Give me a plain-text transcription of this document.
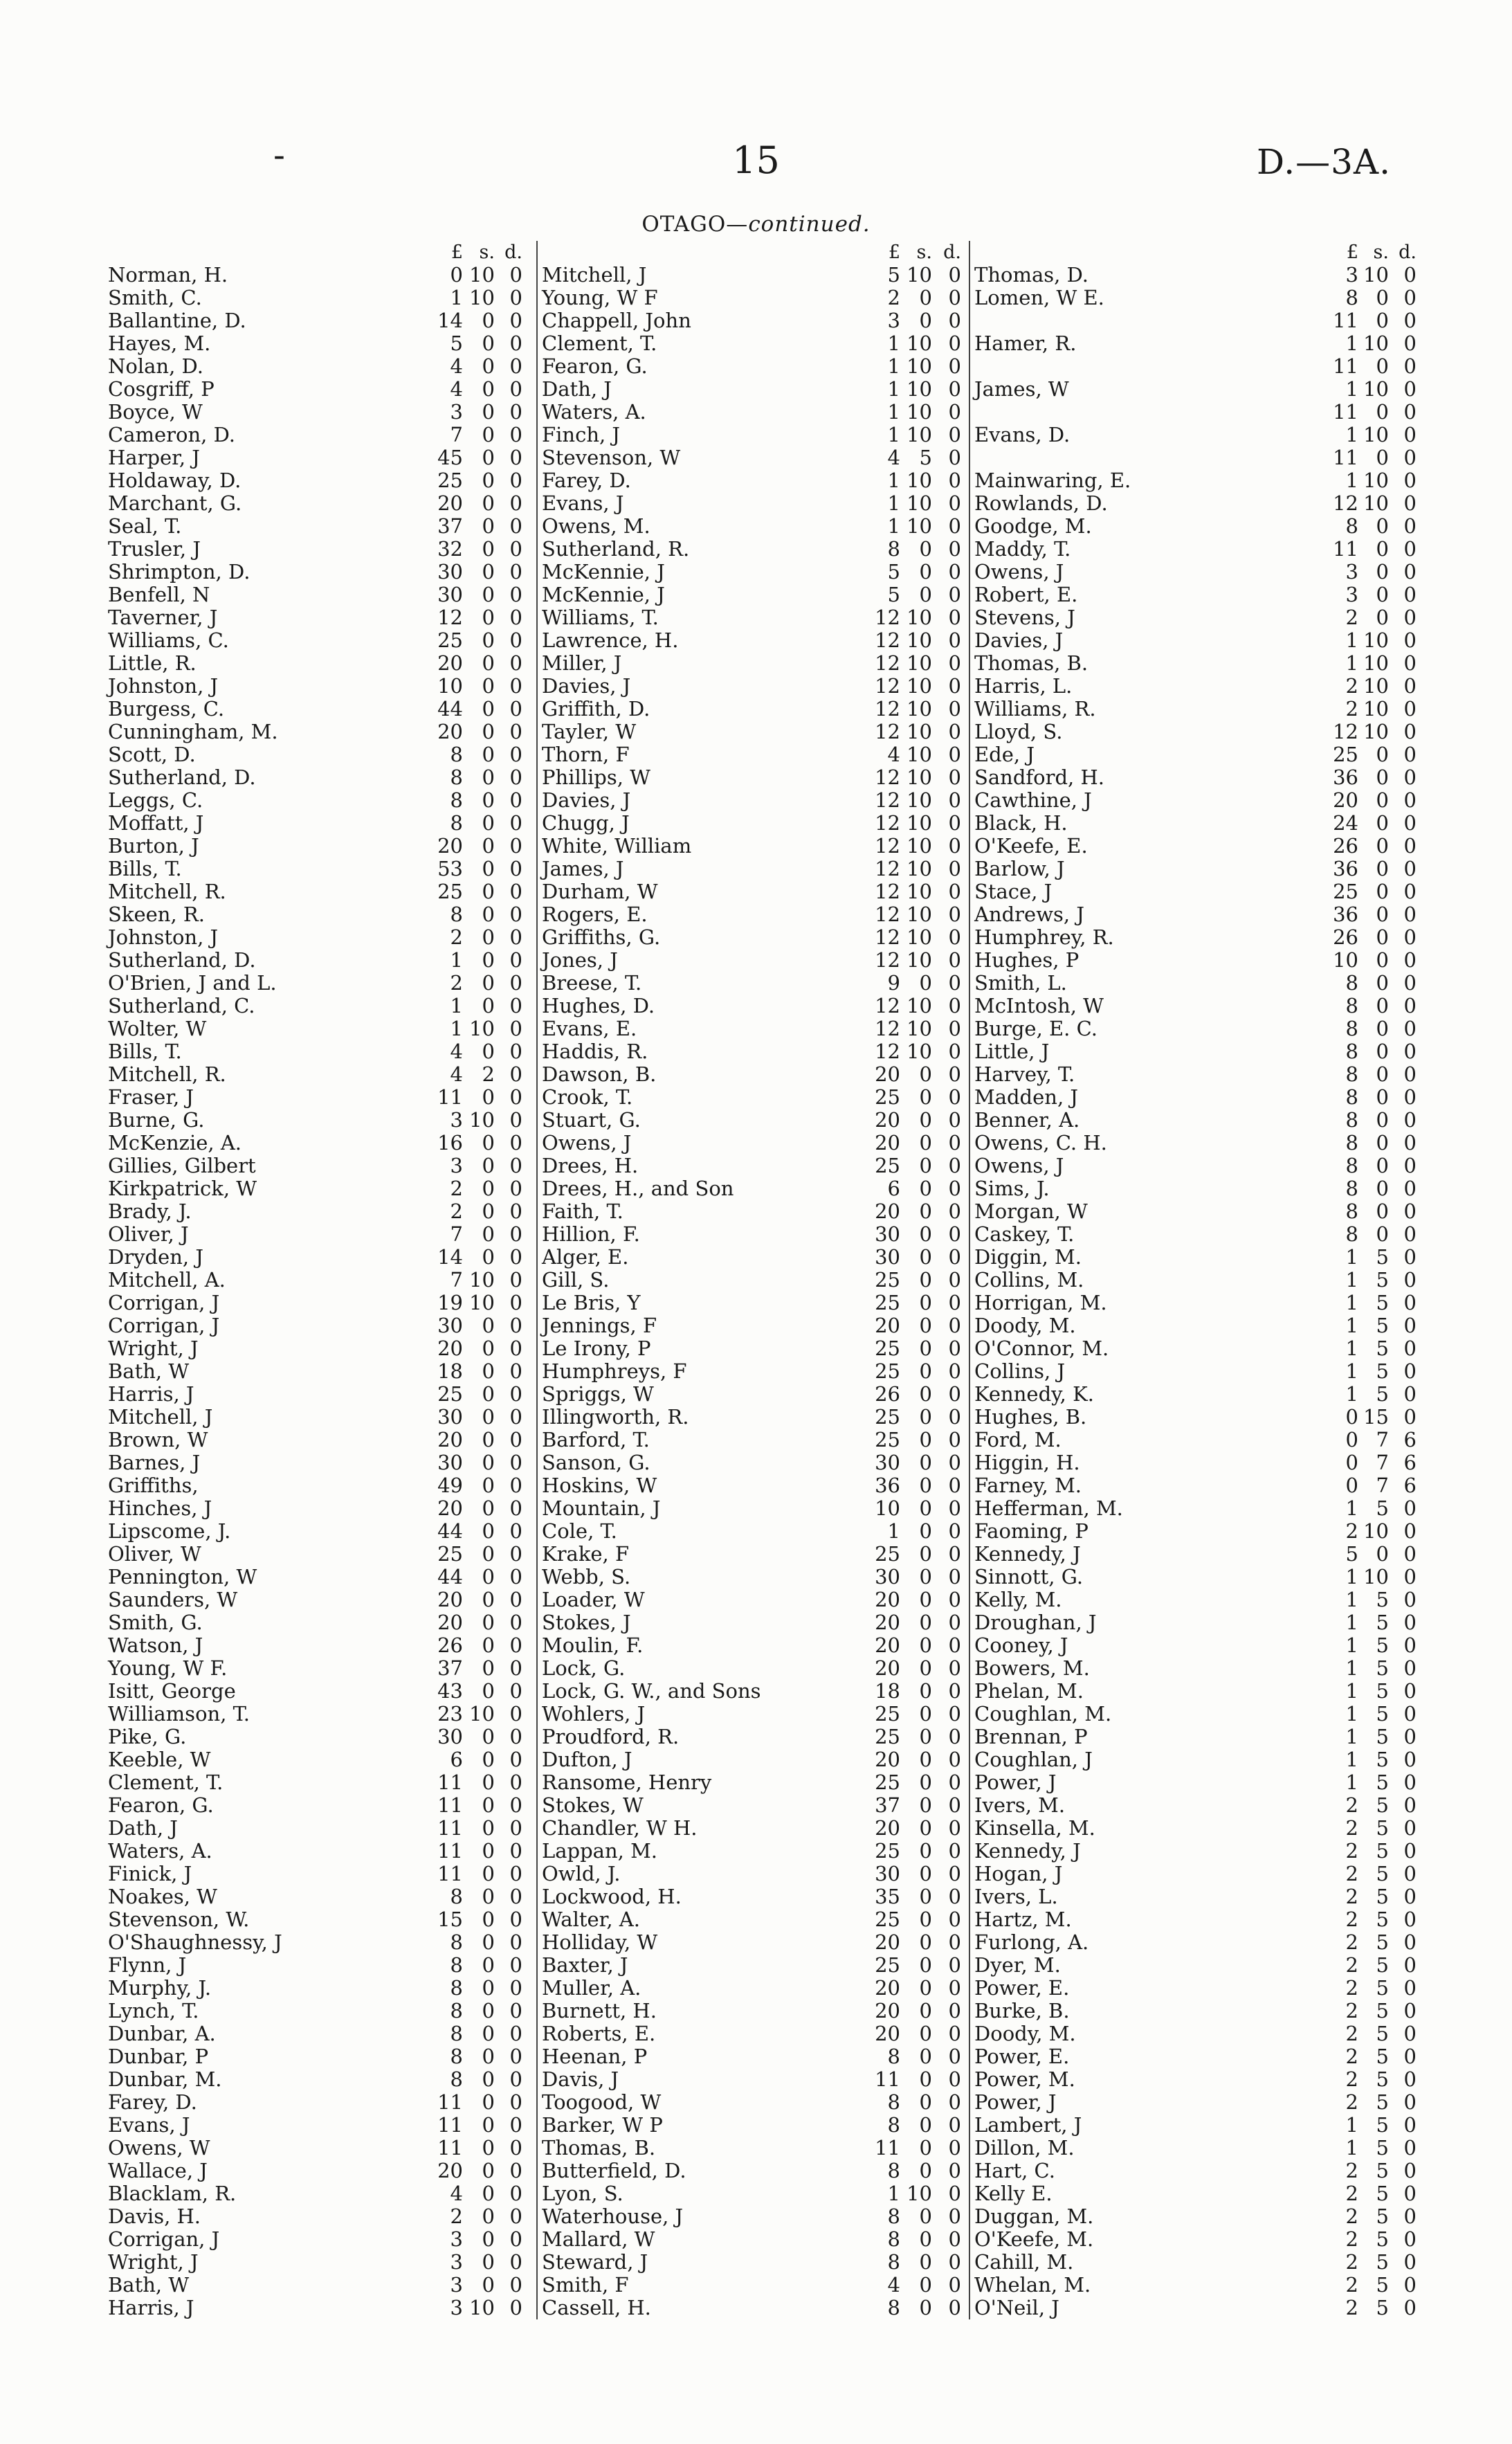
-	15	D.—3A.
OTAGO—continued.
£ s. d.
Norman, H.	0 10 0
Smith, C.	1 10 0
Ballantine, D.	14 0 0
Hayes, M.	5 0 0
Nolan, D.	4 0 0
Cosgriff, P	4 0 0
Boyce, W	3 0 0
Cameron, D.	7 0 0
Harper, J	45 0 0
Holdaway, D.	25 0 0
Marchant, G.	20 0 0
Seal, T.	37 0 0
Trusler, J	32 0 0
Shrimpton, D.	30 0 0
Benfell, N	30 0 0
Taverner, J	12 0 0
Williams, C.	25 0 0
Little, R.	20 0 0
Johnston, J	10 0 0
Burgess, C.	44 0 0
Cunningham, M.	20 0 0
Scott, D.	8 0 0
Sutherland, D.	8 0 0
Leggs, C.	8 0 0
Moffatt, J	8 0 0
Burton, J	20 0 0
Bills, T.	53 0 0
Mitchell, R.	25 0 0
Skeen, R.	8 0 0
Johnston, J	2 0 0
Sutherland, D.	1 0 0
O'Brien, J and L.	2 0 0
Sutherland, C.	1 0 0
Wolter, W	1 10 0
Bills, T.	4 0 0
Mitchell, R.	4 2 0
Fraser, J	11 0 0
Burne, G.	3 10 0
McKenzie, A.	16 0 0
Gillies, Gilbert	3 0 0
Kirkpatrick, W	2 0 0
Brady, J.	2 0 0
Oliver, J	7 0 0
Dryden, J	14 0 0
Mitchell, A.	7 10 0
Corrigan, J	19 10 0
Corrigan, J	30 0 0
Wright, J	20 0 0
Bath, W	18 0 0
Harris, J	25 0 0
Mitchell, J	30 0 0
Brown, W	20 0 0
Barnes, J	30 0 0
Griffiths,	49 0 0
Hinches, J	20 0 0
Lipscome, J.	44 0 0
Oliver, W	25 0 0
Pennington, W	44 0 0
Saunders, W	20 0 0
Smith, G.	20 0 0
Watson, J	26 0 0
Young, W F.	37 0 0
Isitt, George	43 0 0
Williamson, T.	23 10 0
Pike, G.	30 0 0
Keeble, W	6 0 0
Clement, T.	11 0 0
Fearon, G.	11 0 0
Dath, J	11 0 0
Waters, A.	11 0 0
Finick, J	11 0 0
Noakes, W	8 0 0
Stevenson, W.	15 0 0
O'Shaughnessy, J	8 0 0
Flynn, J	8 0 0
Murphy, J.	8 0 0
Lynch, T.	8 0 0
Dunbar, A.	8 0 0
Dunbar, P	8 0 0
Dunbar, M.	8 0 0
Farey, D.	11 0 0
Evans, J	11 0 0
Owens, W	11 0 0
Wallace, J	20 0 0
Blacklam, R.	4 0 0
Davis, H.	2 0 0
Corrigan, J	3 0 0
Wright, J	3 0 0
Bath, W	3 0 0
Harris, J	3 10 0
£ s. d.
Mitchell, J	5 10 0
Young, W F	2 0 0
Chappell, John	3 0 0
Clement, T.	1 10 0
Fearon, G.	1 10 0
Dath, J	1 10 0
Waters, A.	1 10 0
Finch, J	1 10 0
Stevenson, W	4 5 0
Farey, D.	1 10 0
Evans, J	1 10 0
Owens, M.	1 10 0
Sutherland, R.	8 0 0
McKennie, J	5 0 0
McKennie, J	5 0 0
Williams, T.	12 10 0
Lawrence, H.	12 10 0
Miller, J	12 10 0
Davies, J	12 10 0
Griffith, D.	12 10 0
Tayler, W	12 10 0
Thorn, F	4 10 0
Phillips, W	12 10 0
Davies, J	12 10 0
Chugg, J	12 10 0
White, William	12 10 0
James, J	12 10 0
Durham, W	12 10 0
Rogers, E.	12 10 0
Griffiths, G.	12 10 0
Jones, J	12 10 0
Breese, T.	9 0 0
Hughes, D.	12 10 0
Evans, E.	12 10 0
Haddis, R.	12 10 0
Dawson, B.	20 0 0
Crook, T.	25 0 0
Stuart, G.	20 0 0
Owens, J	20 0 0
Drees, H.	25 0 0
Drees, H., and Son	6 0 0
Faith, T.	20 0 0
Hillion, F.	30 0 0
Alger, E.	30 0 0
Gill, S.	25 0 0
Le Bris, Y	25 0 0
Jennings, F	20 0 0
Le Irony, P	25 0 0
Humphreys, F	25 0 0
Spriggs, W	26 0 0
Illingworth, R.	25 0 0
Barford, T.	25 0 0
Sanson, G.	30 0 0
Hoskins, W	36 0 0
Mountain, J	10 0 0
Cole, T.	1 0 0
Krake, F	25 0 0
Webb, S.	30 0 0
Loader, W	20 0 0
Stokes, J	20 0 0
Moulin, F.	20 0 0
Lock, G.	20 0 0
Lock, G. W., and Sons	18 0 0
Wohlers, J	25 0 0
Proudford, R.	25 0 0
Dufton, J	20 0 0
Ransome, Henry	25 0 0
Stokes, W	37 0 0
Chandler, W H.	20 0 0
Lappan, M.	25 0 0
Owld, J.	30 0 0
Lockwood, H.	35 0 0
Walter, A.	25 0 0
Holliday, W	20 0 0
Baxter, J	25 0 0
Muller, A.	20 0 0
Burnett, H.	20 0 0
Roberts, E.	20 0 0
Heenan, P	8 0 0
Davis, J	11 0 0
Toogood, W	8 0 0
Barker, W P	8 0 0
Thomas, B.	11 0 0
Butterfield, D.	8 0 0
Lyon, S.	1 10 0
Waterhouse, J	8 0 0
Mallard, W	8 0 0
Steward, J	8 0 0
Smith, F	4 0 0
Cassell, H.	8 0 0
£ s. d.
Thomas, D.	3 10 0
Lomen, W E.	8 0 0
11 0 0
Hamer, R.	1 10 0
11 0 0
James, W	1 10 0
11 0 0
Evans, D.	1 10 0
11 0 0
Mainwaring, E.	1 10 0
Rowlands, D.	12 10 0
Goodge, M.	8 0 0
Maddy, T.	11 0 0
Owens, J	3 0 0
Robert, E.	3 0 0
Stevens, J	2 0 0
Davies, J	1 10 0
Thomas, B.	1 10 0
Harris, L.	2 10 0
Williams, R.	2 10 0
Lloyd, S.	12 10 0
Ede, J	25 0 0
Sandford, H.	36 0 0
Cawthine, J	20 0 0
Black, H.	24 0 0
O'Keefe, E.	26 0 0
Barlow, J	36 0 0
Stace, J	25 0 0
Andrews, J	36 0 0
Humphrey, R.	26 0 0
Hughes, P	10 0 0
Smith, L.	8 0 0
McIntosh, W	8 0 0
Burge, E. C.	8 0 0
Little, J	8 0 0
Harvey, T.	8 0 0
Madden, J	8 0 0
Benner, A.	8 0 0
Owens, C. H.	8 0 0
Owens, J	8 0 0
Sims, J.	8 0 0
Morgan, W	8 0 0
Caskey, T.	8 0 0
Diggin, M.	1 5 0
Collins, M.	1 5 0
Horrigan, M.	1 5 0
Doody, M.	1 5 0
O'Connor, M.	1 5 0
Collins, J	1 5 0
Kennedy, K.	1 5 0
Hughes, B.	0 15 0
Ford, M.	0 7 6
Higgin, H.	0 7 6
Farney, M.	0 7 6
Hefferman, M.	1 5 0
Faoming, P	2 10 0
Kennedy, J	5 0 0
Sinnott, G.	1 10 0
Kelly, M.	1 5 0
Droughan, J	1 5 0
Cooney, J	1 5 0
Bowers, M.	1 5 0
Phelan, M.	1 5 0
Coughlan, M.	1 5 0
Brennan, P	1 5 0
Coughlan, J	1 5 0
Power, J	1 5 0
Ivers, M.	2 5 0
Kinsella, M.	2 5 0
Kennedy, J	2 5 0
Hogan, J	2 5 0
Ivers, L.	2 5 0
Hartz, M.	2 5 0
Furlong, A.	2 5 0
Dyer, M.	2 5 0
Power, E.	2 5 0
Burke, B.	2 5 0
Doody, M.	2 5 0
Power, E.	2 5 0
Power, M.	2 5 0
Power, J	2 5 0
Lambert, J	1 5 0
Dillon, M.	1 5 0
Hart, C.	2 5 0
Kelly E.	2 5 0
Duggan, M.	2 5 0
O'Keefe, M.	2 5 0
Cahill, M.	2 5 0
Whelan, M.	2 5 0
O'Neil, J	2 5 0
